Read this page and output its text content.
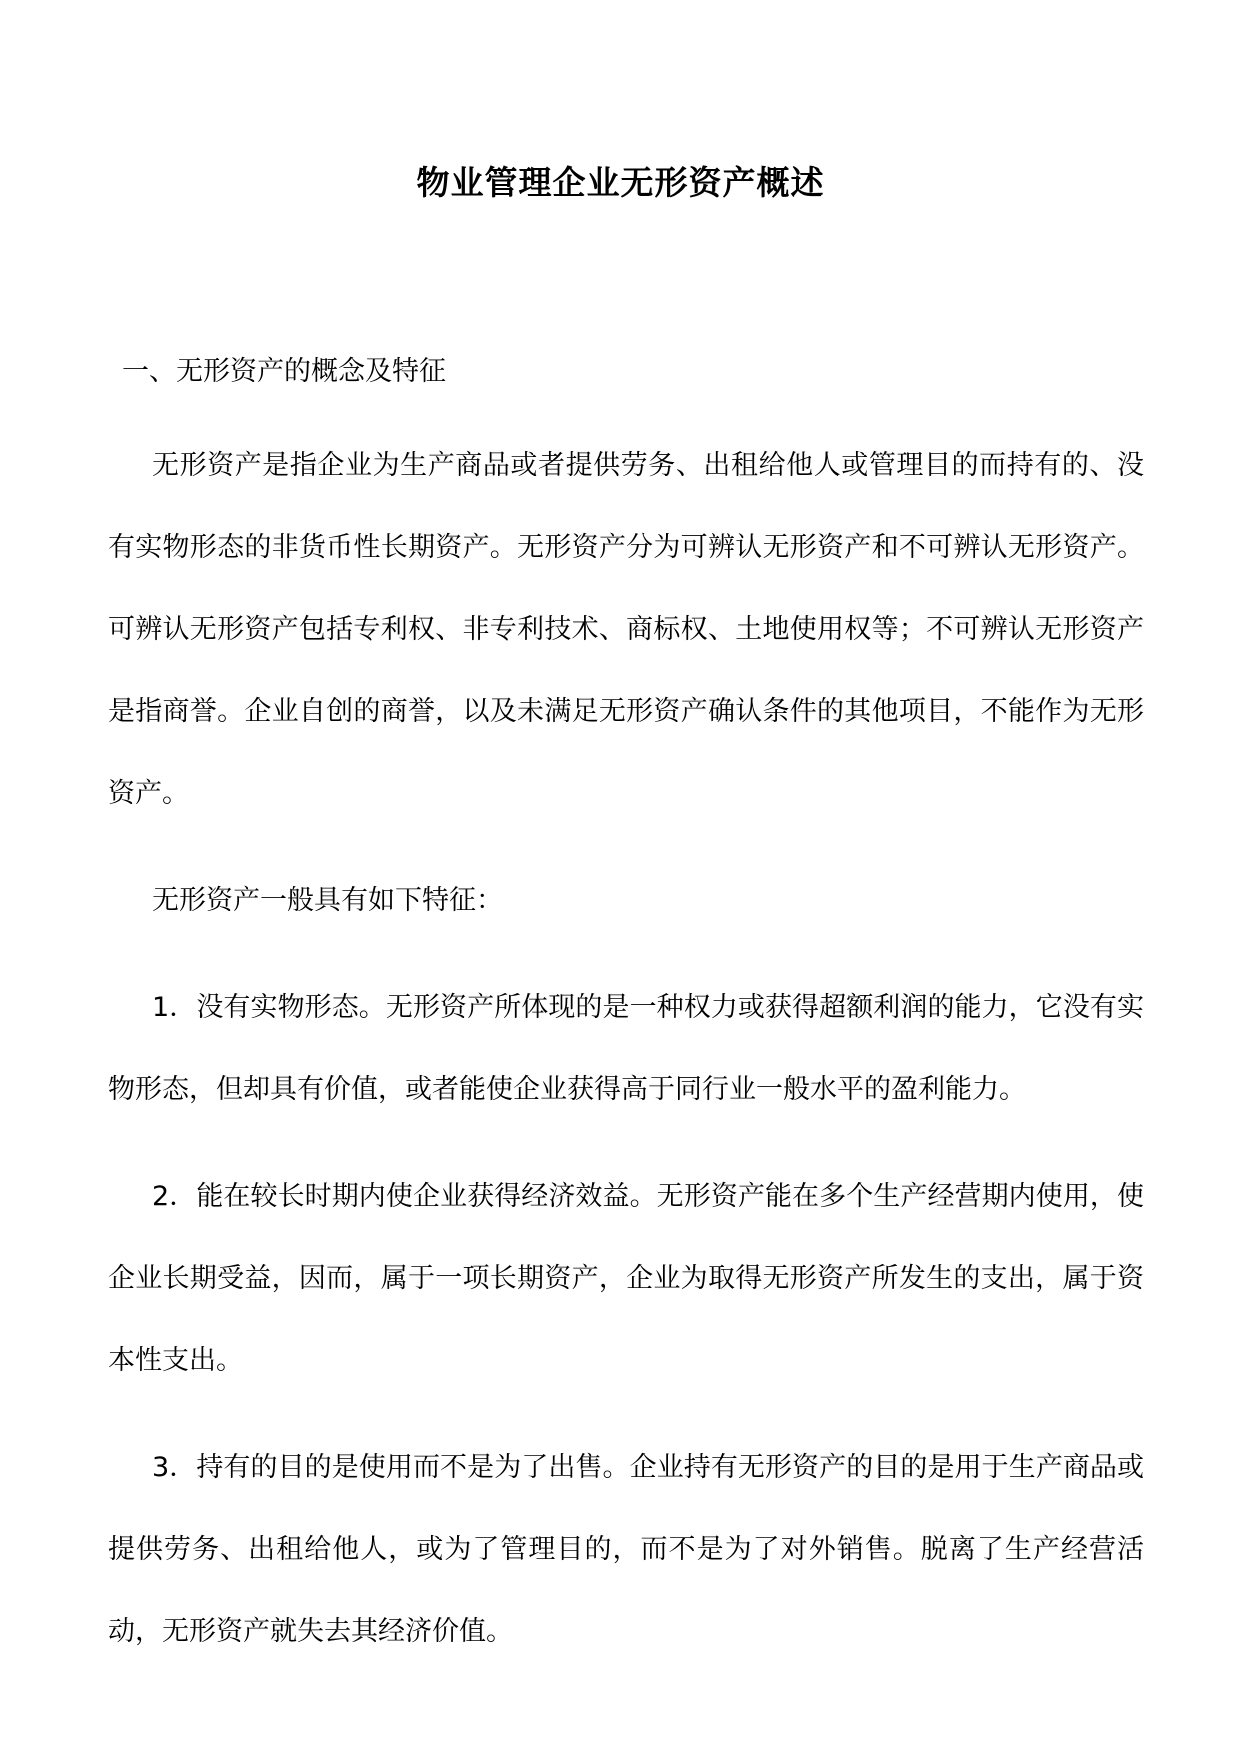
物业管理企业无形资产概述
一、无形资产的概念及特征

无形资产是指企业为生产商品或者提供劳务、出租给他人或管理目的而持有的、没有实物形态的非货币性长期资产。无形资产分为可辨认无形资产和不可辨认无形资产。可辨认无形资产包括专利权、非专利技术、商标权、土地使用权等；不可辨认无形资产是指商誉。企业自创的商誉，以及未满足无形资产确认条件的其他项目，不能作为无形资产。

无形资产一般具有如下特征：

1．没有实物形态。无形资产所体现的是一种权力或获得超额利润的能力，它没有实物形态，但却具有价值，或者能使企业获得高于同行业一般水平的盈利能力。

2．能在较长时期内使企业获得经济效益。无形资产能在多个生产经营期内使用，使企业长期受益，因而，属于一项长期资产，企业为取得无形资产所发生的支出，属于资本性支出。

3．持有的目的是使用而不是为了出售。企业持有无形资产的目的是用于生产商品或提供劳务、出租给他人，或为了管理目的，而不是为了对外销售。脱离了生产经营活动，无形资产就失去其经济价值。
